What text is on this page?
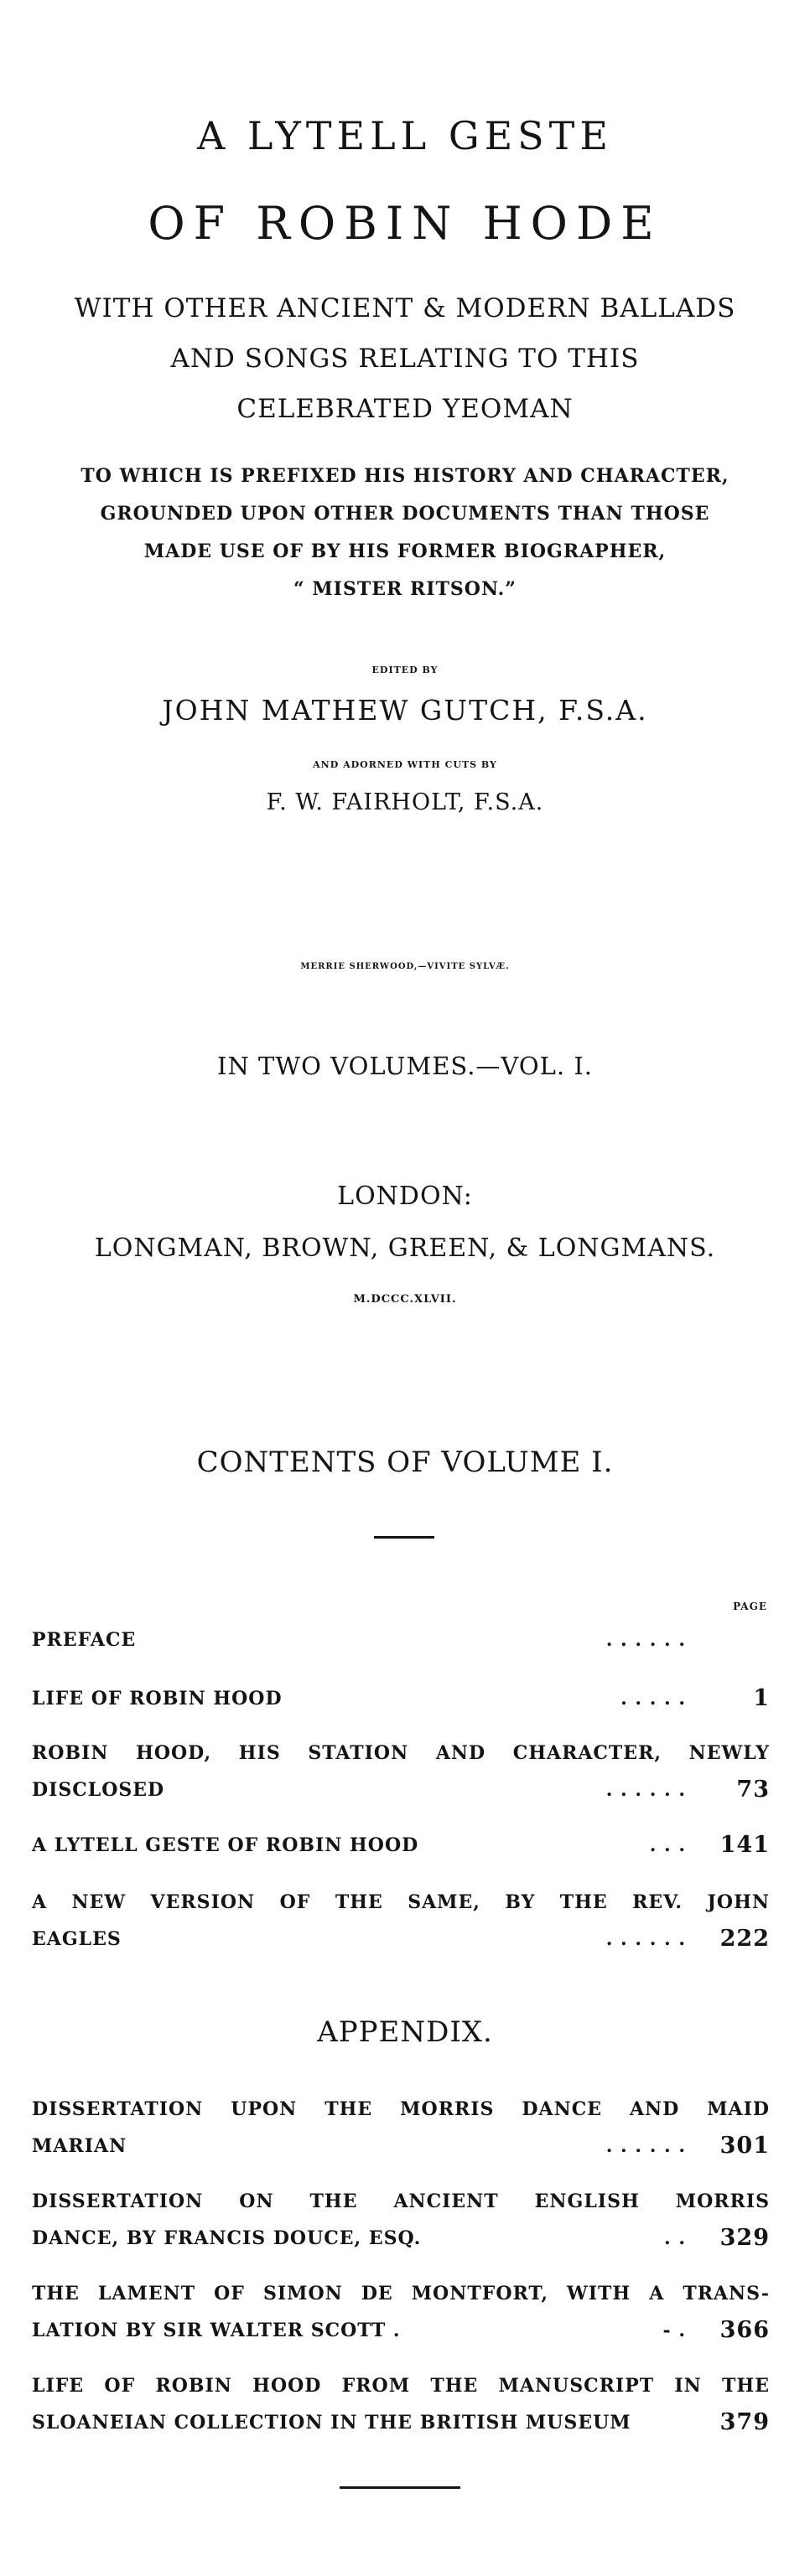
A LYTELL GESTE
OF ROBIN HODE
WITH OTHER ANCIENT & MODERN BALLADS
AND SONGS RELATING TO THIS
CELEBRATED YEOMAN
TO WHICH IS PREFIXED HIS HISTORY AND CHARACTER,
GROUNDED UPON OTHER DOCUMENTS THAN THOSE
MADE USE OF BY HIS FORMER BIOGRAPHER,
“ MISTER RITSON.”
EDITED BY
JOHN MATHEW GUTCH, F.S.A.
AND ADORNED WITH CUTS BY
F. W. FAIRHOLT, F.S.A.
MERRIE SHERWOOD,—VIVITE SYLVÆ.
IN TWO VOLUMES.—VOL. I.
LONDON:
LONGMAN, BROWN, GREEN, & LONGMANS.
M.DCCC.XLVII.
CONTENTS OF VOLUME I.
PAGE
PREFACE	. . . . . .
LIFE OF ROBIN HOOD	. . . . .	1
ROBIN HOOD, HIS STATION AND CHARACTER, NEWLY
DISCLOSED	. . . . . .	73
A LYTELL GESTE OF ROBIN HOOD	. . .	141
A NEW VERSION OF THE SAME, BY THE REV. JOHN
EAGLES	. . . . . .	222
APPENDIX.
DISSERTATION UPON THE MORRIS DANCE AND MAID
MARIAN	. . . . . .	301
DISSERTATION ON THE ANCIENT ENGLISH MORRIS
DANCE, BY FRANCIS DOUCE, ESQ.	. .	329
THE LAMENT OF SIMON DE MONTFORT, WITH A TRANS-
LATION BY SIR WALTER SCOTT .	- .	366
LIFE OF ROBIN HOOD FROM THE MANUSCRIPT IN THE
SLOANEIAN COLLECTION IN THE BRITISH MUSEUM	379
